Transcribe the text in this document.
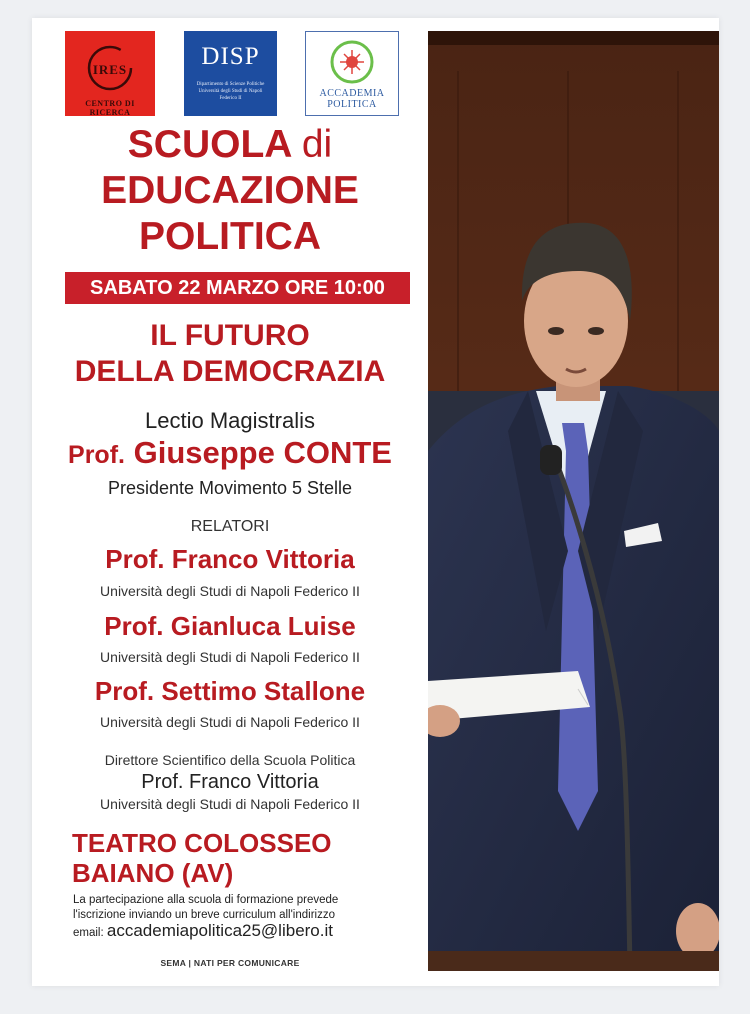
IRES
CENTRO DI RICERCA
DISP
Dipartimento di Scienze Politiche Università degli Studi di Napoli Federico II	ACCADEMIA
POLITICA
SCUOLA di
EDUCAZIONE
POLITICA
SABATO 22 MARZO ORE 10:00
IL FUTURO
DELLA DEMOCRAZIA
Lectio Magistralis
Prof. Giuseppe CONTE
Presidente Movimento 5 Stelle
RELATORI
Prof. Franco Vittoria
Università degli Studi di Napoli Federico II
Prof. Gianluca Luise
Università degli Studi di Napoli Federico II
Prof. Settimo Stallone
Università degli Studi di Napoli Federico II
Direttore Scientifico della Scuola Politica
Prof. Franco Vittoria
Università degli Studi di Napoli Federico II
TEATRO COLOSSEO
BAIANO (AV)
La partecipazione alla scuola di formazione prevede
l'iscrizione inviando un breve curriculum all'indirizzo
email: accademiapolitica25@libero.it
SEMA | NATI PER COMUNICARE
